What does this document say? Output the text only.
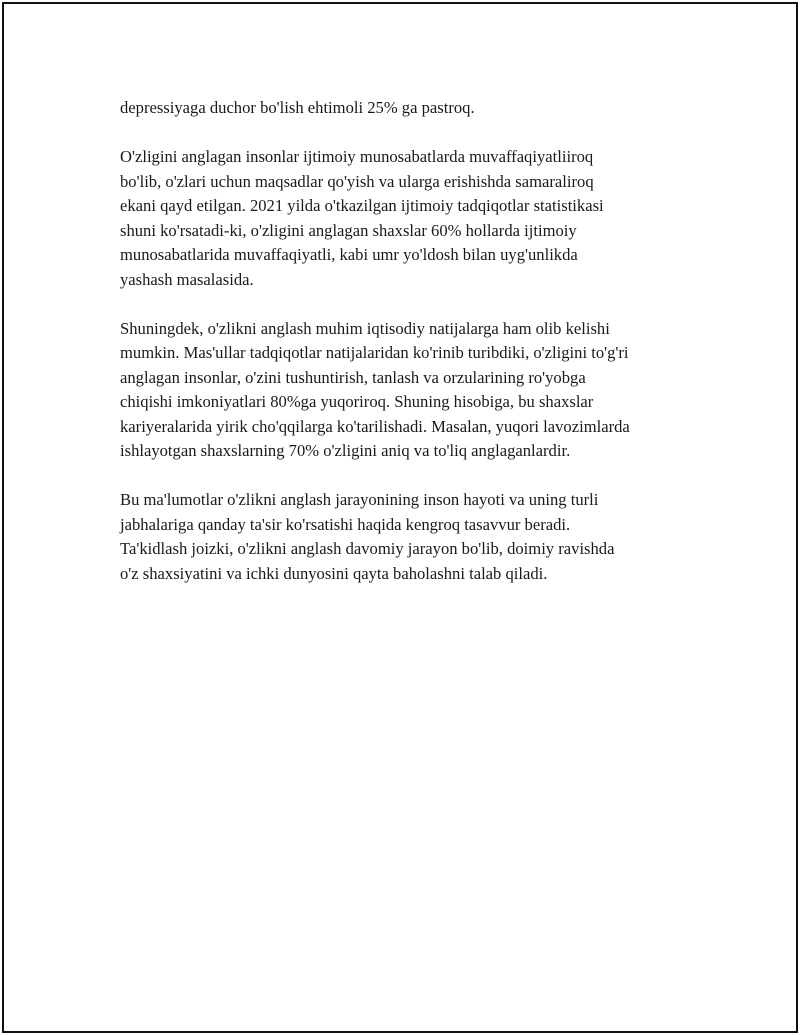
depressiyaga duchor bo'lish ehtimoli 25% ga pastroq.

O'zligini anglagan insonlar ijtimoiy munosabatlarda muvaffaqiyatliiroq
bo'lib, o'zlari uchun maqsadlar qo'yish va ularga erishishda samaraliroq
ekani qayd etilgan. 2021 yilda o'tkazilgan ijtimoiy tadqiqotlar statistikasi
shuni ko'rsatadi-ki, o'zligini anglagan shaxslar 60% hollarda ijtimoiy
munosabatlarida muvaffaqiyatli, kabi umr yo'ldosh bilan uyg'unlikda
yashash masalasida.

Shuningdek, o'zlikni anglash muhim iqtisodiy natijalarga ham olib kelishi
mumkin. Mas'ullar tadqiqotlar natijalaridan ko'rinib turibdiki, o'zligini to'g'ri
anglagan insonlar, o'zini tushuntirish, tanlash va orzularining ro'yobga
chiqishi imkoniyatlari 80%ga yuqoriroq. Shuning hisobiga, bu shaxslar
kariyeralarida yirik cho'qqilarga ko'tarilishadi. Masalan, yuqori lavozimlarda
ishlayotgan shaxslarning 70% o'zligini aniq va to'liq anglaganlardir.

Bu ma'lumotlar o'zlikni anglash jarayonining inson hayoti va uning turli
jabhalariga qanday ta'sir ko'rsatishi haqida kengroq tasavvur beradi.
Ta'kidlash joizki, o'zlikni anglash davomiy jarayon bo'lib, doimiy ravishda
o'z shaxsiyatini va ichki dunyosini qayta baholashni talab qiladi.
